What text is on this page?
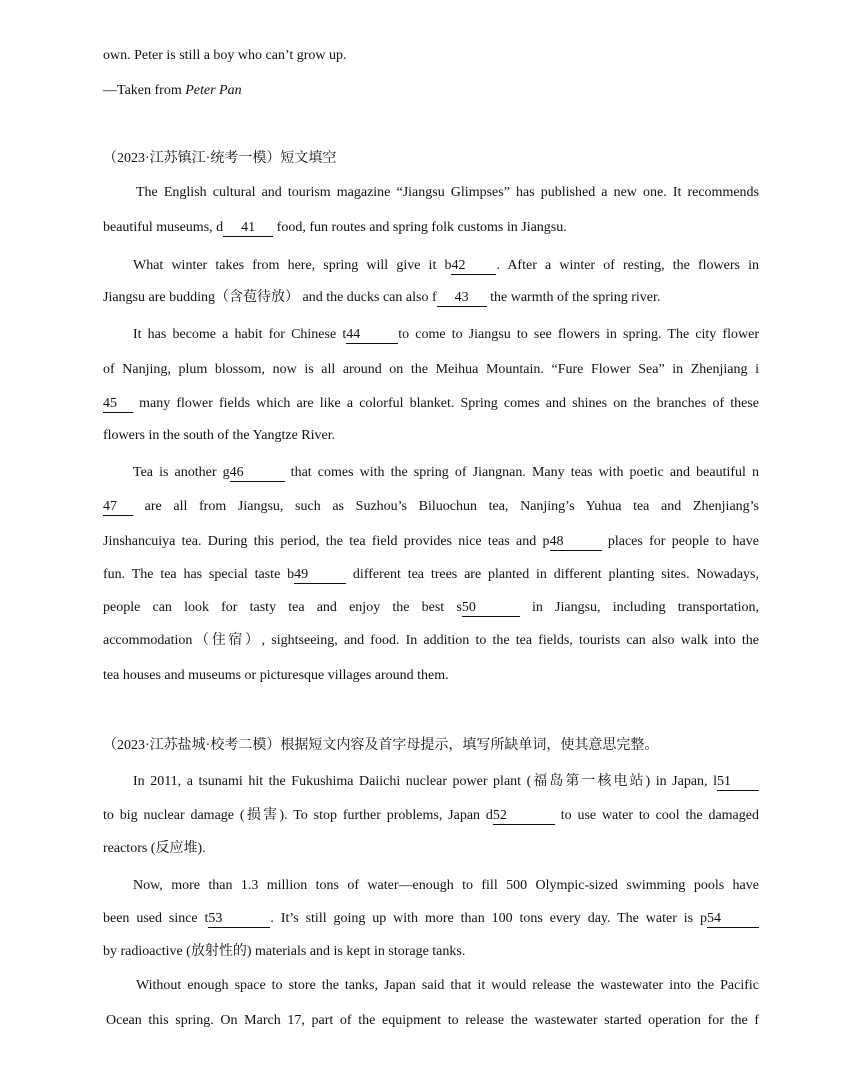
own. Peter is still a boy who can’t grow up.
—Taken from Peter Pan
（2023·江苏镇江·统考一模）短文填空
The English cultural and tourism magazine “Jiangsu Glimpses” has published a new one. It recommends
beautiful museums, d 41 food, fun routes and spring folk customs in Jiangsu.
What winter takes from here, spring will give it b42 . After a winter of resting, the flowers in
Jiangsu are budding（含苞待放） and the ducks can also f 43 the warmth of the spring river.
It has become a habit for Chinese t44	to come to Jiangsu to see flowers in spring. The city flower
of Nanjing, plum blossom, now is all around on the Meihua Mountain. “Fure Flower Sea” in Zhenjiang i
45 many flower fields which are like a colorful blanket. Spring comes and shines on the branches of these
flowers in the south of the Yangtze River.
Tea is another g46	that comes with the spring of Jiangnan. Many teas with poetic and beautiful n
47 are all from Jiangsu, such as Suzhou’s Biluochun tea, Nanjing’s Yuhua tea and Zhenjiang’s
Jinshancuiya tea. During this period, the tea field provides nice teas and p48	places for people to have
fun. The tea has special taste b49	different tea trees are planted in different planting sites. Nowadays,
people can look for tasty tea and enjoy the best s50	in Jiangsu, including transportation,
accommodation（住宿）, sightseeing, and food. In addition to the tea fields, tourists can also walk into the
tea houses and museums or picturesque villages around them.
（2023·江苏盐城·校考二模）根据短文内容及首字母提示，填写所缺单词，使其意思完整。
In 2011, a tsunami hit the Fukushima Daiichi nuclear power plant (福岛第一核电站) in Japan, l51
to big nuclear damage (损害). To stop further problems, Japan d52	to use water to cool the damaged
reactors (反应堆).
Now, more than 1.3 million tons of water—enough to fill 500 Olympic-sized swimming pools have
been used since t53	. It’s still going up with more than 100 tons every day. The water is p54
by radioactive (放射性的) materials and is kept in storage tanks.
Without enough space to store the tanks, Japan said that it would release the wastewater into the Pacific
Ocean this spring. On March 17, part of the equipment to release the wastewater started operation for the f
